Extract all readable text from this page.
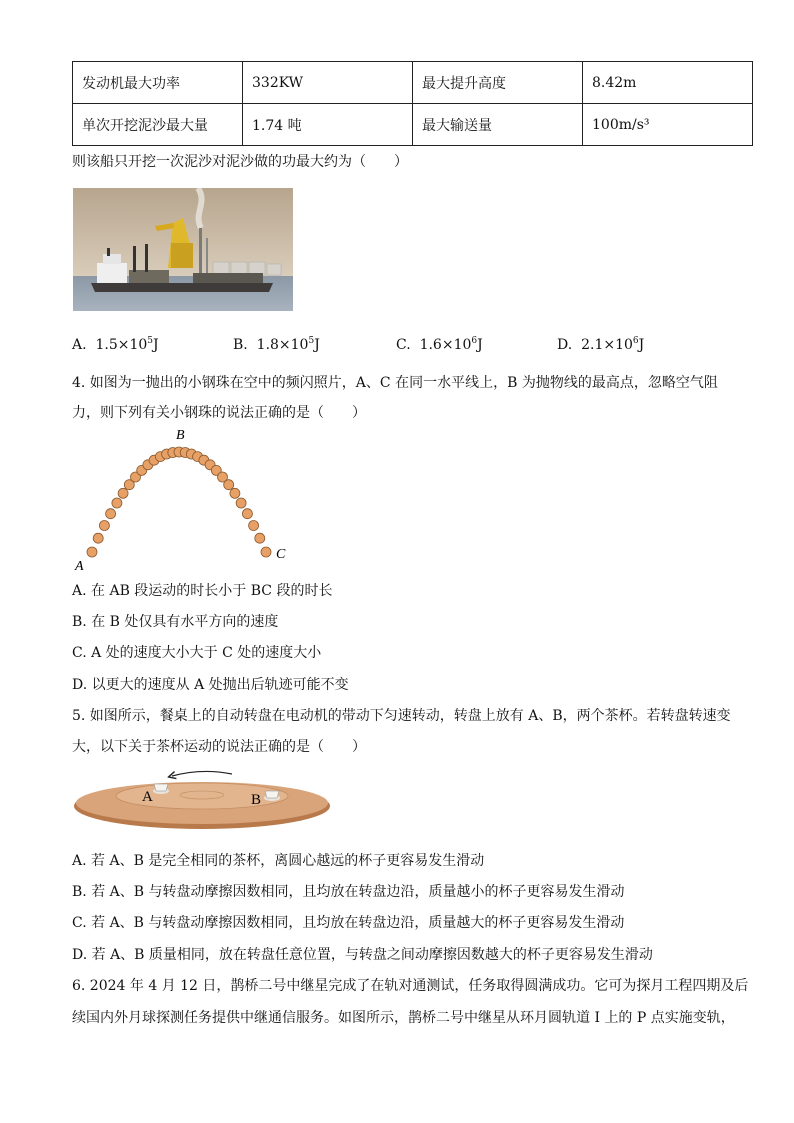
发动机最大功率	332KW	最大提升高度	8.42m
单次开挖泥沙最大量	1.74 吨	最大输送量	100m/s³
则该船只开挖一次泥沙对泥沙做的功最大约为（　　）
A. $1.5\times 10^5J$	B. $1.8\times 10^5J$	C. $1.6\times 10^6J$	D. $2.1\times 10^6J$
4. 如图为一抛出的小钢珠在空中的频闪照片，A、C 在同一水平线上，B 为抛物线的最高点，忽略空气阻
力，则下列有关小钢珠的说法正确的是（　　）
B
A
C
A. 在 AB 段运动的时长小于 BC 段的时长
B. 在 B 处仅具有水平方向的速度
C. A 处的速度大小大于 C 处的速度大小
D. 以更大的速度从 A 处抛出后轨迹可能不变
5. 如图所示，餐桌上的自动转盘在电动机的带动下匀速转动，转盘上放有 A、B，两个茶杯。若转盘转速变
大，以下关于茶杯运动的说法正确的是（　　）
A	B
A. 若 A、B 是完全相同的茶杯，离圆心越远的杯子更容易发生滑动
B. 若 A、B 与转盘动摩擦因数相同，且均放在转盘边沿，质量越小的杯子更容易发生滑动
C. 若 A、B 与转盘动摩擦因数相同，且均放在转盘边沿，质量越大的杯子更容易发生滑动
D. 若 A、B 质量相同，放在转盘任意位置，与转盘之间动摩擦因数越大的杯子更容易发生滑动
6. 2024 年 4 月 12 日，鹊桥二号中继星完成了在轨对通测试，任务取得圆满成功。它可为探月工程四期及后
续国内外月球探测任务提供中继通信服务。如图所示，鹊桥二号中继星从环月圆轨道 I 上的 P 点实施变轨，
